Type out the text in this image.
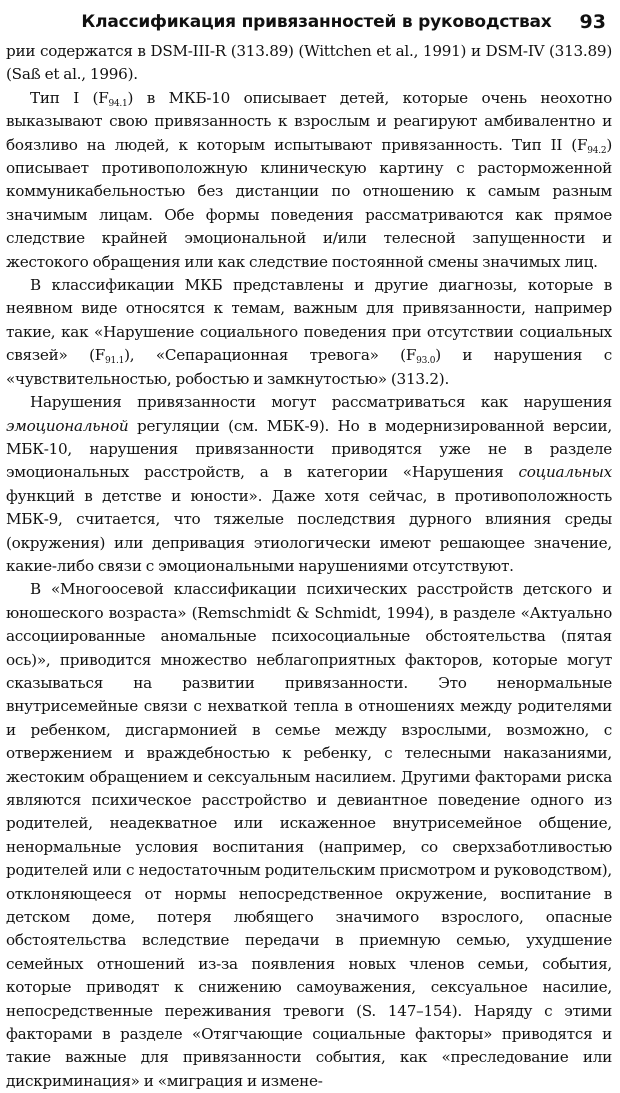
Классификация привязанностей в руководствах 93

рии содержатся в DSM-III-R (313.89) (Wittchen et al., 1991) и DSM-IV (313.89) (Saß et al., 1996).

Тип I $(F_{94.1})$ в МКБ-10 описывает детей, которые очень неохотно выказывают свою привязанность к взрослым и реагируют амбивалентно и боязливо на людей, к которым испытывают привязанность. Тип II $(F_{94.2})$ описывает противоположную клиническую картину с расторможенной коммуникабельностью без дистанции по отношению к самым разным значимым лицам. Обе формы поведения рассматриваются как прямое следствие крайней эмоциональной и/или телесной запущенности и жестокого обращения или как следствие постоянной смены значимых лиц.

В классификации МКБ представлены и другие диагнозы, которые в неявном виде относятся к темам, важным для привязанности, например такие, как «Нарушение социального поведения при отсутствии социальных связей» $(F_{91.1})$, «Сепарационная тревога» $(F_{93.0})$ и нарушения с «чувствительностью, робостью и замкнутостью» (313.2).

Нарушения привязанности могут рассматриваться как нарушения эмоциональной регуляции (см. МБК-9). Но в модернизированной версии, МБК-10, нарушения привязанности приводятся уже не в разделе эмоциональных расстройств, а в категории «Нарушения социальных функций в детстве и юности». Даже хотя сейчас, в противоположность МБК-9, считается, что тяжелые последствия дурного влияния среды (окружения) или депривация этиологически имеют решающее значение, какие-либо связи с эмоциональными нарушениями отсутствуют.

В «Многоосевой классификации психических расстройств детского и юношеского возраста» (Remschmidt & Schmidt, 1994), в разделе «Актуально ассоциированные аномальные психосоциальные обстоятельства (пятая ось)», приводится множество неблагоприятных факторов, которые могут сказываться на развитии привязанности. Это ненормальные внутрисемейные связи с нехваткой тепла в отношениях между родителями и ребенком, дисгармонией в семье между взрослыми, возможно, с отвержением и враждебностью к ребенку, с телесными наказаниями, жестоким обращением и сексуальным насилием. Другими факторами риска являются психическое расстройство и девиантное поведение одного из родителей, неадекватное или искаженное внутрисемейное общение, ненормальные условия воспитания (например, со сверхзаботливостью родителей или с недостаточным родительским присмотром и руководством), отклоняющееся от нормы непосредственное окружение, воспитание в детском доме, потеря любящего значимого взрослого, опасные обстоятельства вследствие передачи в приемную семью, ухудшение семейных отношений из-за появления новых членов семьи, события, которые приводят к снижению самоуважения, сексуальное насилие, непосредственные переживания тревоги (S. 147–154). Наряду с этими факторами в разделе «Отягчающие социальные факторы» приводятся и такие важные для привязанности события, как «преследование или дискриминация» и «миграция и измене-
